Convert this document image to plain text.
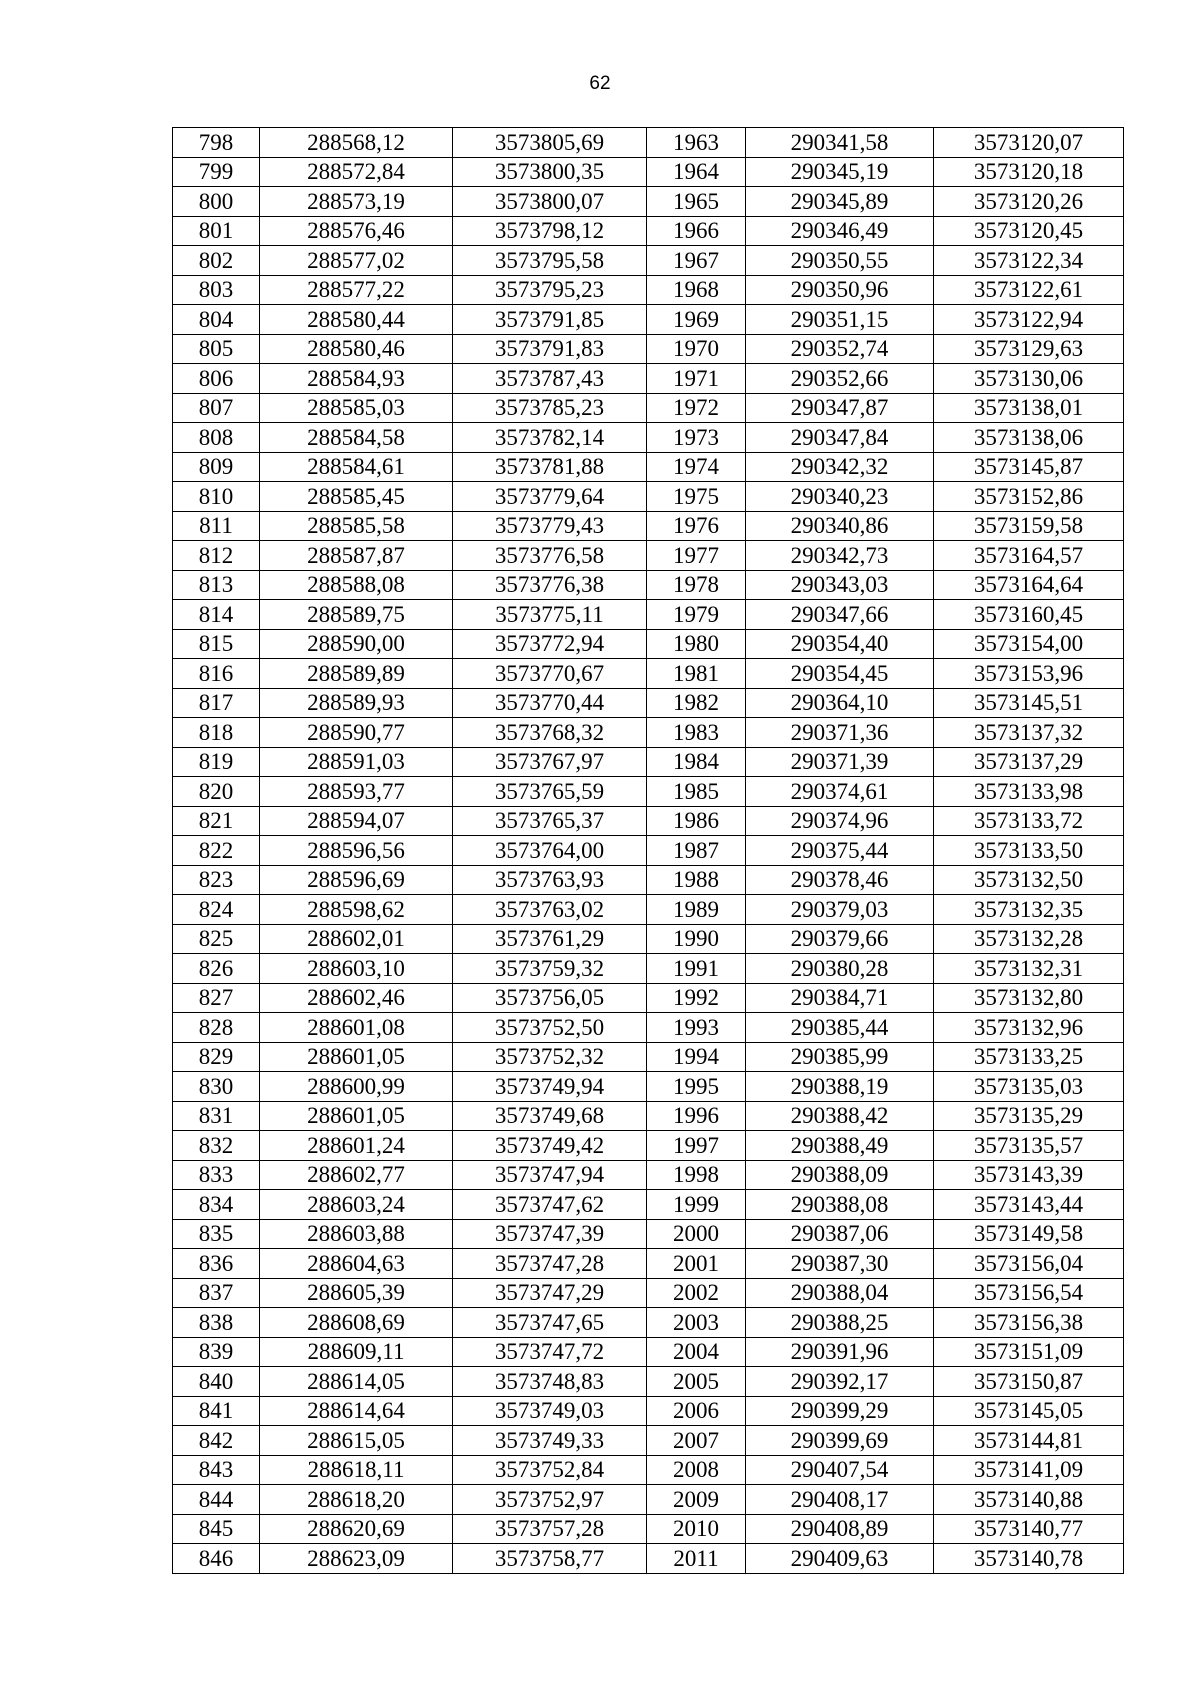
62
798	288568,12	3573805,69	1963	290341,58	3573120,07
799	288572,84	3573800,35	1964	290345,19	3573120,18
800	288573,19	3573800,07	1965	290345,89	3573120,26
801	288576,46	3573798,12	1966	290346,49	3573120,45
802	288577,02	3573795,58	1967	290350,55	3573122,34
803	288577,22	3573795,23	1968	290350,96	3573122,61
804	288580,44	3573791,85	1969	290351,15	3573122,94
805	288580,46	3573791,83	1970	290352,74	3573129,63
806	288584,93	3573787,43	1971	290352,66	3573130,06
807	288585,03	3573785,23	1972	290347,87	3573138,01
808	288584,58	3573782,14	1973	290347,84	3573138,06
809	288584,61	3573781,88	1974	290342,32	3573145,87
810	288585,45	3573779,64	1975	290340,23	3573152,86
811	288585,58	3573779,43	1976	290340,86	3573159,58
812	288587,87	3573776,58	1977	290342,73	3573164,57
813	288588,08	3573776,38	1978	290343,03	3573164,64
814	288589,75	3573775,11	1979	290347,66	3573160,45
815	288590,00	3573772,94	1980	290354,40	3573154,00
816	288589,89	3573770,67	1981	290354,45	3573153,96
817	288589,93	3573770,44	1982	290364,10	3573145,51
818	288590,77	3573768,32	1983	290371,36	3573137,32
819	288591,03	3573767,97	1984	290371,39	3573137,29
820	288593,77	3573765,59	1985	290374,61	3573133,98
821	288594,07	3573765,37	1986	290374,96	3573133,72
822	288596,56	3573764,00	1987	290375,44	3573133,50
823	288596,69	3573763,93	1988	290378,46	3573132,50
824	288598,62	3573763,02	1989	290379,03	3573132,35
825	288602,01	3573761,29	1990	290379,66	3573132,28
826	288603,10	3573759,32	1991	290380,28	3573132,31
827	288602,46	3573756,05	1992	290384,71	3573132,80
828	288601,08	3573752,50	1993	290385,44	3573132,96
829	288601,05	3573752,32	1994	290385,99	3573133,25
830	288600,99	3573749,94	1995	290388,19	3573135,03
831	288601,05	3573749,68	1996	290388,42	3573135,29
832	288601,24	3573749,42	1997	290388,49	3573135,57
833	288602,77	3573747,94	1998	290388,09	3573143,39
834	288603,24	3573747,62	1999	290388,08	3573143,44
835	288603,88	3573747,39	2000	290387,06	3573149,58
836	288604,63	3573747,28	2001	290387,30	3573156,04
837	288605,39	3573747,29	2002	290388,04	3573156,54
838	288608,69	3573747,65	2003	290388,25	3573156,38
839	288609,11	3573747,72	2004	290391,96	3573151,09
840	288614,05	3573748,83	2005	290392,17	3573150,87
841	288614,64	3573749,03	2006	290399,29	3573145,05
842	288615,05	3573749,33	2007	290399,69	3573144,81
843	288618,11	3573752,84	2008	290407,54	3573141,09
844	288618,20	3573752,97	2009	290408,17	3573140,88
845	288620,69	3573757,28	2010	290408,89	3573140,77
846	288623,09	3573758,77	2011	290409,63	3573140,78
